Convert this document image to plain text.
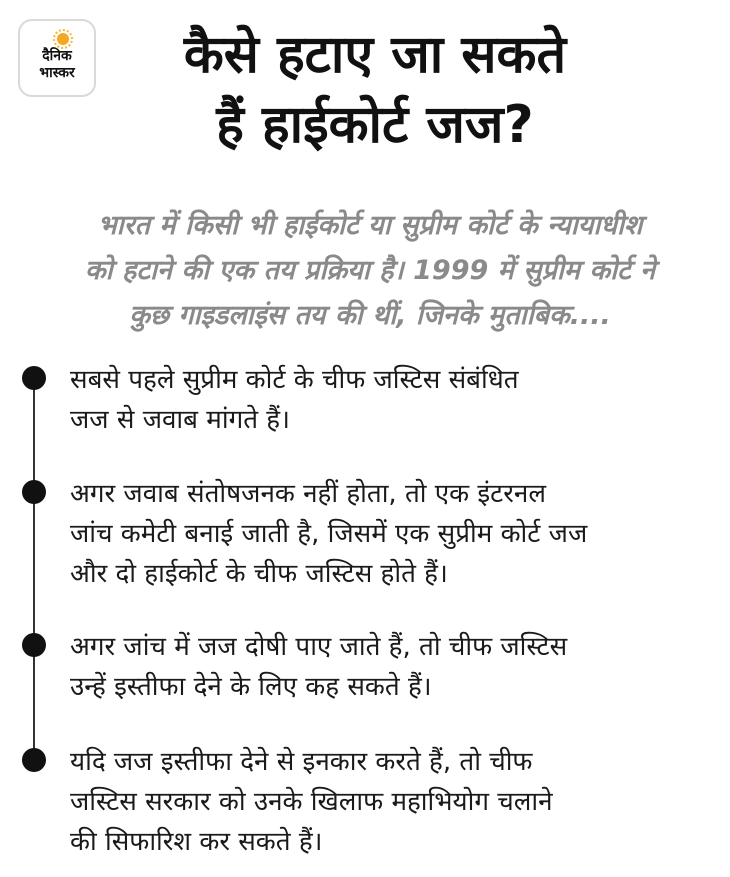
दैनिक
भास्कर	कैसे हटाए जा सकते
हैं हाईकोर्ट जज?
भारत में किसी भी हाईकोर्ट या सुप्रीम कोर्ट के न्यायाधीश
को हटाने की एक तय प्रक्रिया है। 1999 में सुप्रीम कोर्ट ने
कुछ गाइडलाइंस तय की थीं, जिनके मुताबिक....
सबसे पहले सुप्रीम कोर्ट के चीफ जस्टिस संबंधित
जज से जवाब मांगते हैं।
अगर जवाब संतोषजनक नहीं होता, तो एक इंटरनल
जांच कमेटी बनाई जाती है, जिसमें एक सुप्रीम कोर्ट जज
और दो हाईकोर्ट के चीफ जस्टिस होते हैं।
अगर जांच में जज दोषी पाए जाते हैं, तो चीफ जस्टिस
उन्हें इस्तीफा देने के लिए कह सकते हैं।
यदि जज इस्तीफा देने से इनकार करते हैं, तो चीफ
जस्टिस सरकार को उनके खिलाफ महाभियोग चलाने
की सिफारिश कर सकते हैं।
